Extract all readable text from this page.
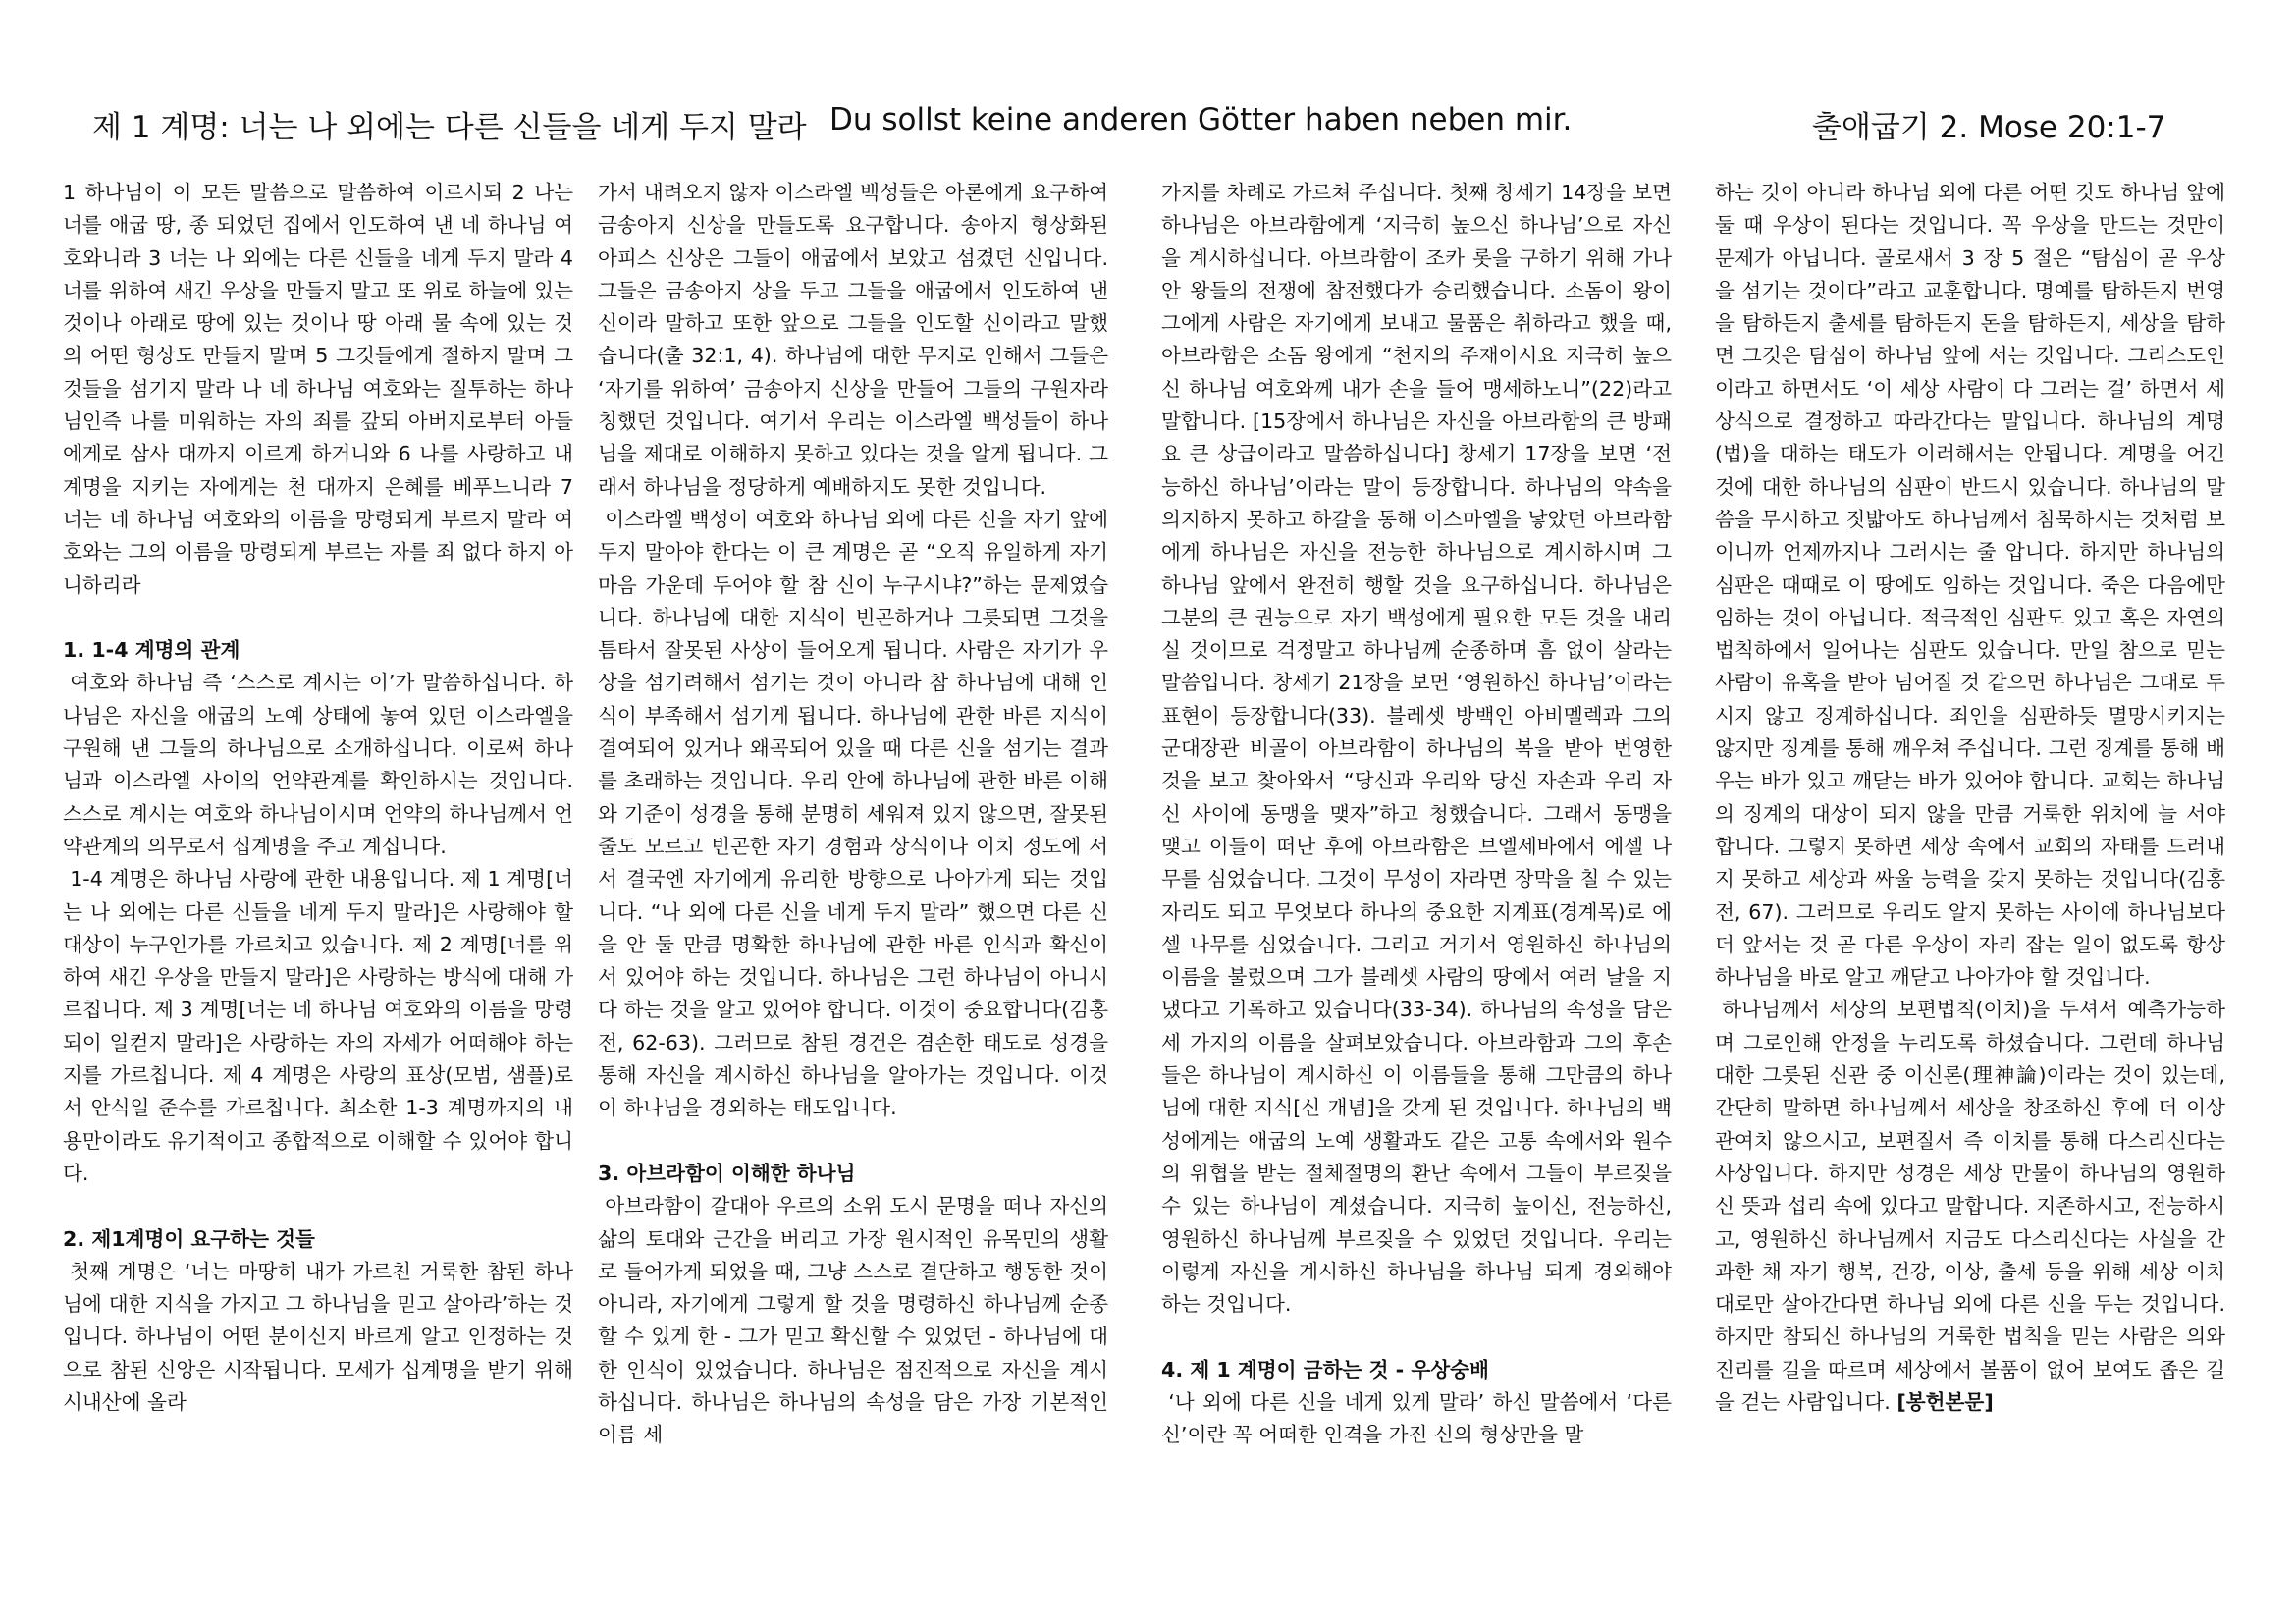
제 1 계명: 너는 나 외에는 다른 신들을 네게 두지 말라 Du sollst keine anderen Götter haben neben mir.	출애굽기 2. Mose 20:1-7

1 하나님이 이 모든 말씀으로 말씀하여 이르시되 2 나는 너를 애굽 땅, 종 되었던 집에서 인도하여 낸 네 하나님 여호와니라 3 너는 나 외에는 다른 신들을 네게 두지 말라 4 너를 위하여 새긴 우상을 만들지 말고 또 위로 하늘에 있는 것이나 아래로 땅에 있는 것이나 땅 아래 물 속에 있는 것의 어떤 형상도 만들지 말며 5 그것들에게 절하지 말며 그것들을 섬기지 말라 나 네 하나님 여호와는 질투하는 하나님인즉 나를 미워하는 자의 죄를 갚되 아버지로부터 아들에게로 삼사 대까지 이르게 하거니와 6 나를 사랑하고 내 계명을 지키는 자에게는 천 대까지 은혜를 베푸느니라 7 너는 네 하나님 여호와의 이름을 망령되게 부르지 말라 여호와는 그의 이름을 망령되게 부르는 자를 죄 없다 하지 아니하리라

1. 1-4 계명의 관계

여호와 하나님 즉 ‘스스로 계시는 이’가 말씀하십니다. 하나님은 자신을 애굽의 노예 상태에 놓여 있던 이스라엘을 구원해 낸 그들의 하나님으로 소개하십니다. 이로써 하나님과 이스라엘 사이의 언약관계를 확인하시는 것입니다. 스스로 계시는 여호와 하나님이시며 언약의 하나님께서 언약관계의 의무로서 십계명을 주고 계십니다.

1-4 계명은 하나님 사랑에 관한 내용입니다. 제 1 계명[너는 나 외에는 다른 신들을 네게 두지 말라]은 사랑해야 할 대상이 누구인가를 가르치고 있습니다. 제 2 계명[너를 위하여 새긴 우상을 만들지 말라]은 사랑하는 방식에 대해 가르칩니다. 제 3 계명[너는 네 하나님 여호와의 이름을 망령되이 일컫지 말라]은 사랑하는 자의 자세가 어떠해야 하는지를 가르칩니다. 제 4 계명은 사랑의 표상(모범, 샘플)로서 안식일 준수를 가르칩니다. 최소한 1-3 계명까지의 내용만이라도 유기적이고 종합적으로 이해할 수 있어야 합니다.

2. 제1계명이 요구하는 것들

첫째 계명은 ‘너는 마땅히 내가 가르친 거룩한 참된 하나님에 대한 지식을 가지고 그 하나님을 믿고 살아라’하는 것입니다. 하나님이 어떤 분이신지 바르게 알고 인정하는 것으로 참된 신앙은 시작됩니다. 모세가 십계명을 받기 위해 시내산에 올라

가서 내려오지 않자 이스라엘 백성들은 아론에게 요구하여 금송아지 신상을 만들도록 요구합니다. 송아지 형상화된 아피스 신상은 그들이 애굽에서 보았고 섬겼던 신입니다. 그들은 금송아지 상을 두고 그들을 애굽에서 인도하여 낸 신이라 말하고 또한 앞으로 그들을 인도할 신이라고 말했습니다(출 32:1, 4). 하나님에 대한 무지로 인해서 그들은 ‘자기를 위하여’ 금송아지 신상을 만들어 그들의 구원자라 칭했던 것입니다. 여기서 우리는 이스라엘 백성들이 하나님을 제대로 이해하지 못하고 있다는 것을 알게 됩니다. 그래서 하나님을 정당하게 예배하지도 못한 것입니다.

이스라엘 백성이 여호와 하나님 외에 다른 신을 자기 앞에 두지 말아야 한다는 이 큰 계명은 곧 “오직 유일하게 자기 마음 가운데 두어야 할 참 신이 누구시냐?”하는 문제였습니다. 하나님에 대한 지식이 빈곤하거나 그릇되면 그것을 틈타서 잘못된 사상이 들어오게 됩니다. 사람은 자기가 우상을 섬기려해서 섬기는 것이 아니라 참 하나님에 대해 인식이 부족해서 섬기게 됩니다. 하나님에 관한 바른 지식이 결여되어 있거나 왜곡되어 있을 때 다른 신을 섬기는 결과를 초래하는 것입니다. 우리 안에 하나님에 관한 바른 이해와 기준이 성경을 통해 분명히 세워져 있지 않으면, 잘못된 줄도 모르고 빈곤한 자기 경험과 상식이나 이치 정도에 서서 결국엔 자기에게 유리한 방향으로 나아가게 되는 것입니다. “나 외에 다른 신을 네게 두지 말라” 했으면 다른 신을 안 둘 만큼 명확한 하나님에 관한 바른 인식과 확신이 서 있어야 하는 것입니다. 하나님은 그런 하나님이 아니시다 하는 것을 알고 있어야 합니다. 이것이 중요합니다(김홍전, 62-63). 그러므로 참된 경건은 겸손한 태도로 성경을 통해 자신을 계시하신 하나님을 알아가는 것입니다. 이것이 하나님을 경외하는 태도입니다.

3. 아브라함이 이해한 하나님

아브라함이 갈대아 우르의 소위 도시 문명을 떠나 자신의 삶의 토대와 근간을 버리고 가장 원시적인 유목민의 생활로 들어가게 되었을 때, 그냥 스스로 결단하고 행동한 것이 아니라, 자기에게 그렇게 할 것을 명령하신 하나님께 순종할 수 있게 한 - 그가 믿고 확신할 수 있었던 - 하나님에 대한 인식이 있었습니다. 하나님은 점진적으로 자신을 계시하십니다. 하나님은 하나님의 속성을 담은 가장 기본적인 이름 세

가지를 차례로 가르쳐 주십니다. 첫째 창세기 14장을 보면 하나님은 아브라함에게 ‘지극히 높으신 하나님’으로 자신을 계시하십니다. 아브라함이 조카 롯을 구하기 위해 가나안 왕들의 전쟁에 참전했다가 승리했습니다. 소돔이 왕이 그에게 사람은 자기에게 보내고 물품은 취하라고 했을 때, 아브라함은 소돔 왕에게 “천지의 주재이시요 지극히 높으신 하나님 여호와께 내가 손을 들어 맹세하노니”(22)라고 말합니다. [15장에서 하나님은 자신을 아브라함의 큰 방패요 큰 상급이라고 말씀하십니다] 창세기 17장을 보면 ‘전능하신 하나님’이라는 말이 등장합니다. 하나님의 약속을 의지하지 못하고 하갈을 통해 이스마엘을 낳았던 아브라함에게 하나님은 자신을 전능한 하나님으로 계시하시며 그 하나님 앞에서 완전히 행할 것을 요구하십니다. 하나님은 그분의 큰 권능으로 자기 백성에게 필요한 모든 것을 내리실 것이므로 걱정말고 하나님께 순종하며 흠 없이 살라는 말씀입니다. 창세기 21장을 보면 ‘영원하신 하나님’이라는 표현이 등장합니다(33). 블레셋 방백인 아비멜렉과 그의 군대장관 비골이 아브라함이 하나님의 복을 받아 번영한 것을 보고 찾아와서 “당신과 우리와 당신 자손과 우리 자신 사이에 동맹을 맺자”하고 청했습니다. 그래서 동맹을 맺고 이들이 떠난 후에 아브라함은 브엘세바에서 에셀 나무를 심었습니다. 그것이 무성이 자라면 장막을 칠 수 있는 자리도 되고 무엇보다 하나의 중요한 지계표(경계목)로 에셀 나무를 심었습니다. 그리고 거기서 영원하신 하나님의 이름을 불렀으며 그가 블레셋 사람의 땅에서 여러 날을 지냈다고 기록하고 있습니다(33-34). 하나님의 속성을 담은 세 가지의 이름을 살펴보았습니다. 아브라함과 그의 후손들은 하나님이 계시하신 이 이름들을 통해 그만큼의 하나님에 대한 지식[신 개념]을 갖게 된 것입니다. 하나님의 백성에게는 애굽의 노예 생활과도 같은 고통 속에서와 원수의 위협을 받는 절체절명의 환난 속에서 그들이 부르짖을 수 있는 하나님이 계셨습니다. 지극히 높이신, 전능하신, 영원하신 하나님께 부르짖을 수 있었던 것입니다. 우리는 이렇게 자신을 계시하신 하나님을 하나님 되게 경외해야 하는 것입니다.

4. 제 1 계명이 금하는 것 - 우상숭배

‘나 외에 다른 신을 네게 있게 말라’ 하신 말씀에서 ‘다른 신’이란 꼭 어떠한 인격을 가진 신의 형상만을 말

하는 것이 아니라 하나님 외에 다른 어떤 것도 하나님 앞에 둘 때 우상이 된다는 것입니다. 꼭 우상을 만드는 것만이 문제가 아닙니다. 골로새서 3 장 5 절은 “탐심이 곧 우상을 섬기는 것이다”라고 교훈합니다. 명예를 탐하든지 번영을 탐하든지 출세를 탐하든지 돈을 탐하든지, 세상을 탐하면 그것은 탐심이 하나님 앞에 서는 것입니다. 그리스도인이라고 하면서도 ‘이 세상 사람이 다 그러는 걸’ 하면서 세상식으로 결정하고 따라간다는 말입니다. 하나님의 계명(법)을 대하는 태도가 이러해서는 안됩니다. 계명을 어긴 것에 대한 하나님의 심판이 반드시 있습니다. 하나님의 말씀을 무시하고 짓밟아도 하나님께서 침묵하시는 것처럼 보이니까 언제까지나 그러시는 줄 압니다. 하지만 하나님의 심판은 때때로 이 땅에도 임하는 것입니다. 죽은 다음에만 임하는 것이 아닙니다. 적극적인 심판도 있고 혹은 자연의 법칙하에서 일어나는 심판도 있습니다. 만일 참으로 믿는 사람이 유혹을 받아 넘어질 것 같으면 하나님은 그대로 두시지 않고 징계하십니다. 죄인을 심판하듯 멸망시키지는 않지만 징계를 통해 깨우쳐 주십니다. 그런 징계를 통해 배우는 바가 있고 깨닫는 바가 있어야 합니다. 교회는 하나님의 징계의 대상이 되지 않을 만큼 거룩한 위치에 늘 서야 합니다. 그렇지 못하면 세상 속에서 교회의 자태를 드러내지 못하고 세상과 싸울 능력을 갖지 못하는 것입니다(김홍전, 67). 그러므로 우리도 알지 못하는 사이에 하나님보다 더 앞서는 것 곧 다른 우상이 자리 잡는 일이 없도록 항상 하나님을 바로 알고 깨닫고 나아가야 할 것입니다.

하나님께서 세상의 보편법칙(이치)을 두셔서 예측가능하며 그로인해 안정을 누리도록 하셨습니다. 그런데 하나님 대한 그릇된 신관 중 이신론(理神論)이라는 것이 있는데, 간단히 말하면 하나님께서 세상을 창조하신 후에 더 이상 관여치 않으시고, 보편질서 즉 이치를 통해 다스리신다는 사상입니다. 하지만 성경은 세상 만물이 하나님의 영원하신 뜻과 섭리 속에 있다고 말합니다. 지존하시고, 전능하시고, 영원하신 하나님께서 지금도 다스리신다는 사실을 간과한 채 자기 행복, 건강, 이상, 출세 등을 위해 세상 이치대로만 살아간다면 하나님 외에 다른 신을 두는 것입니다. 하지만 참되신 하나님의 거룩한 법칙을 믿는 사람은 의와 진리를 길을 따르며 세상에서 볼품이 없어 보여도 좁은 길을 걷는 사람입니다. [봉헌본문]
